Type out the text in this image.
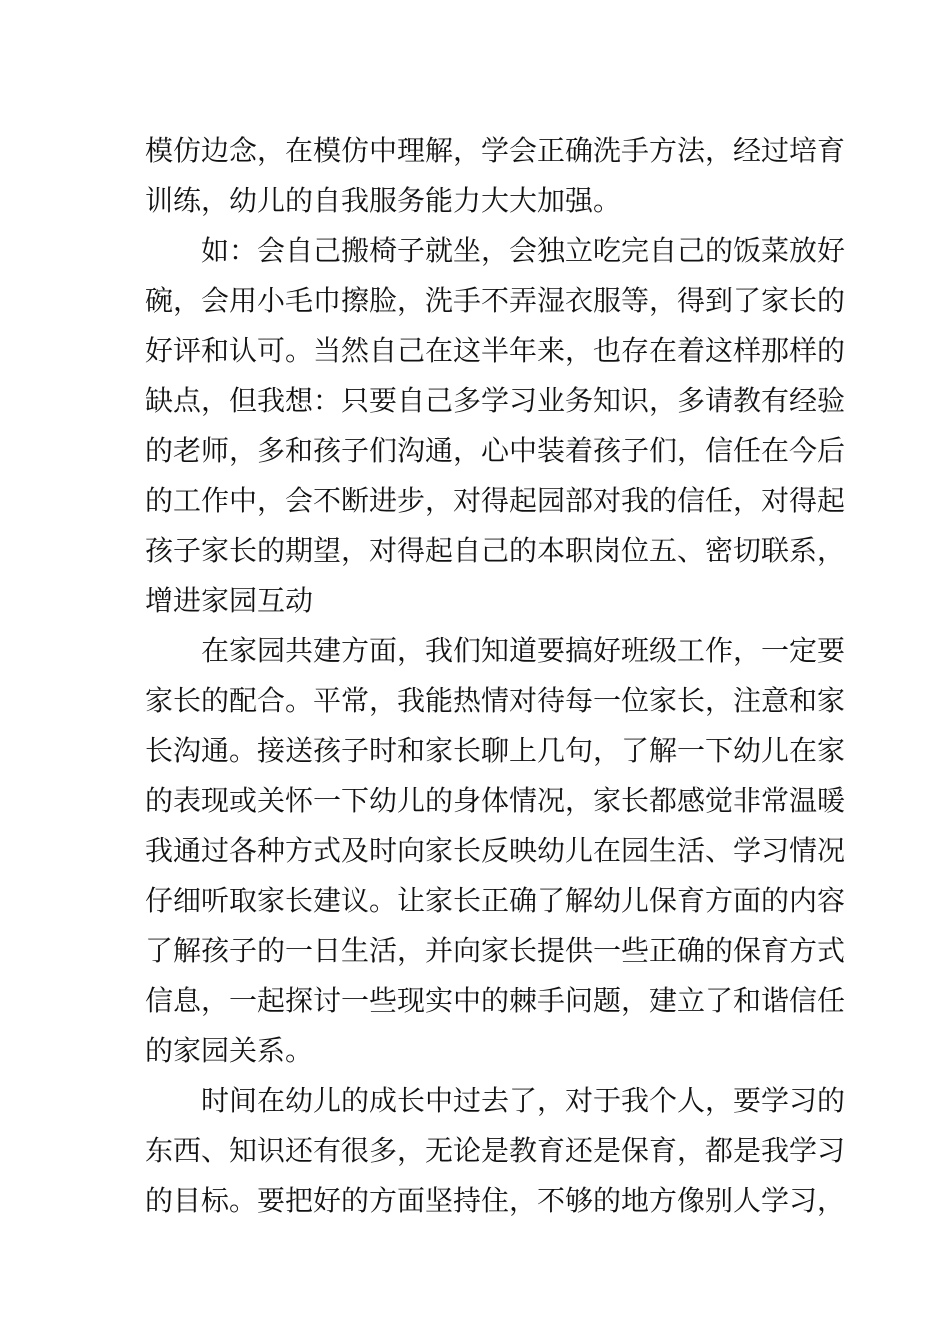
模仿边念，在模仿中理解，学会正确洗手方法，经过培育

训练，幼儿的自我服务能力大大加强。

　　如：会自己搬椅子就坐，会独立吃完自己的饭菜放好

碗，会用小毛巾擦脸，洗手不弄湿衣服等，得到了家长的

好评和认可。当然自己在这半年来，也存在着这样那样的

缺点，但我想：只要自己多学习业务知识，多请教有经验

的老师，多和孩子们沟通，心中装着孩子们，信任在今后

的工作中，会不断进步，对得起园部对我的信任，对得起

孩子家长的期望，对得起自己的本职岗位五、密切联系，

增进家园互动

　　在家园共建方面，我们知道要搞好班级工作，一定要

家长的配合。平常，我能热情对待每一位家长，注意和家

长沟通。接送孩子时和家长聊上几句，了解一下幼儿在家

的表现或关怀一下幼儿的身体情况，家长都感觉非常温暖

我通过各种方式及时向家长反映幼儿在园生活、学习情况

仔细听取家长建议。让家长正确了解幼儿保育方面的内容

了解孩子的一日生活，并向家长提供一些正确的保育方式

信息，一起探讨一些现实中的棘手问题，建立了和谐信任

的家园关系。

　　时间在幼儿的成长中过去了，对于我个人，要学习的

东西、知识还有很多，无论是教育还是保育，都是我学习

的目标。要把好的方面坚持住，不够的地方像别人学习，
